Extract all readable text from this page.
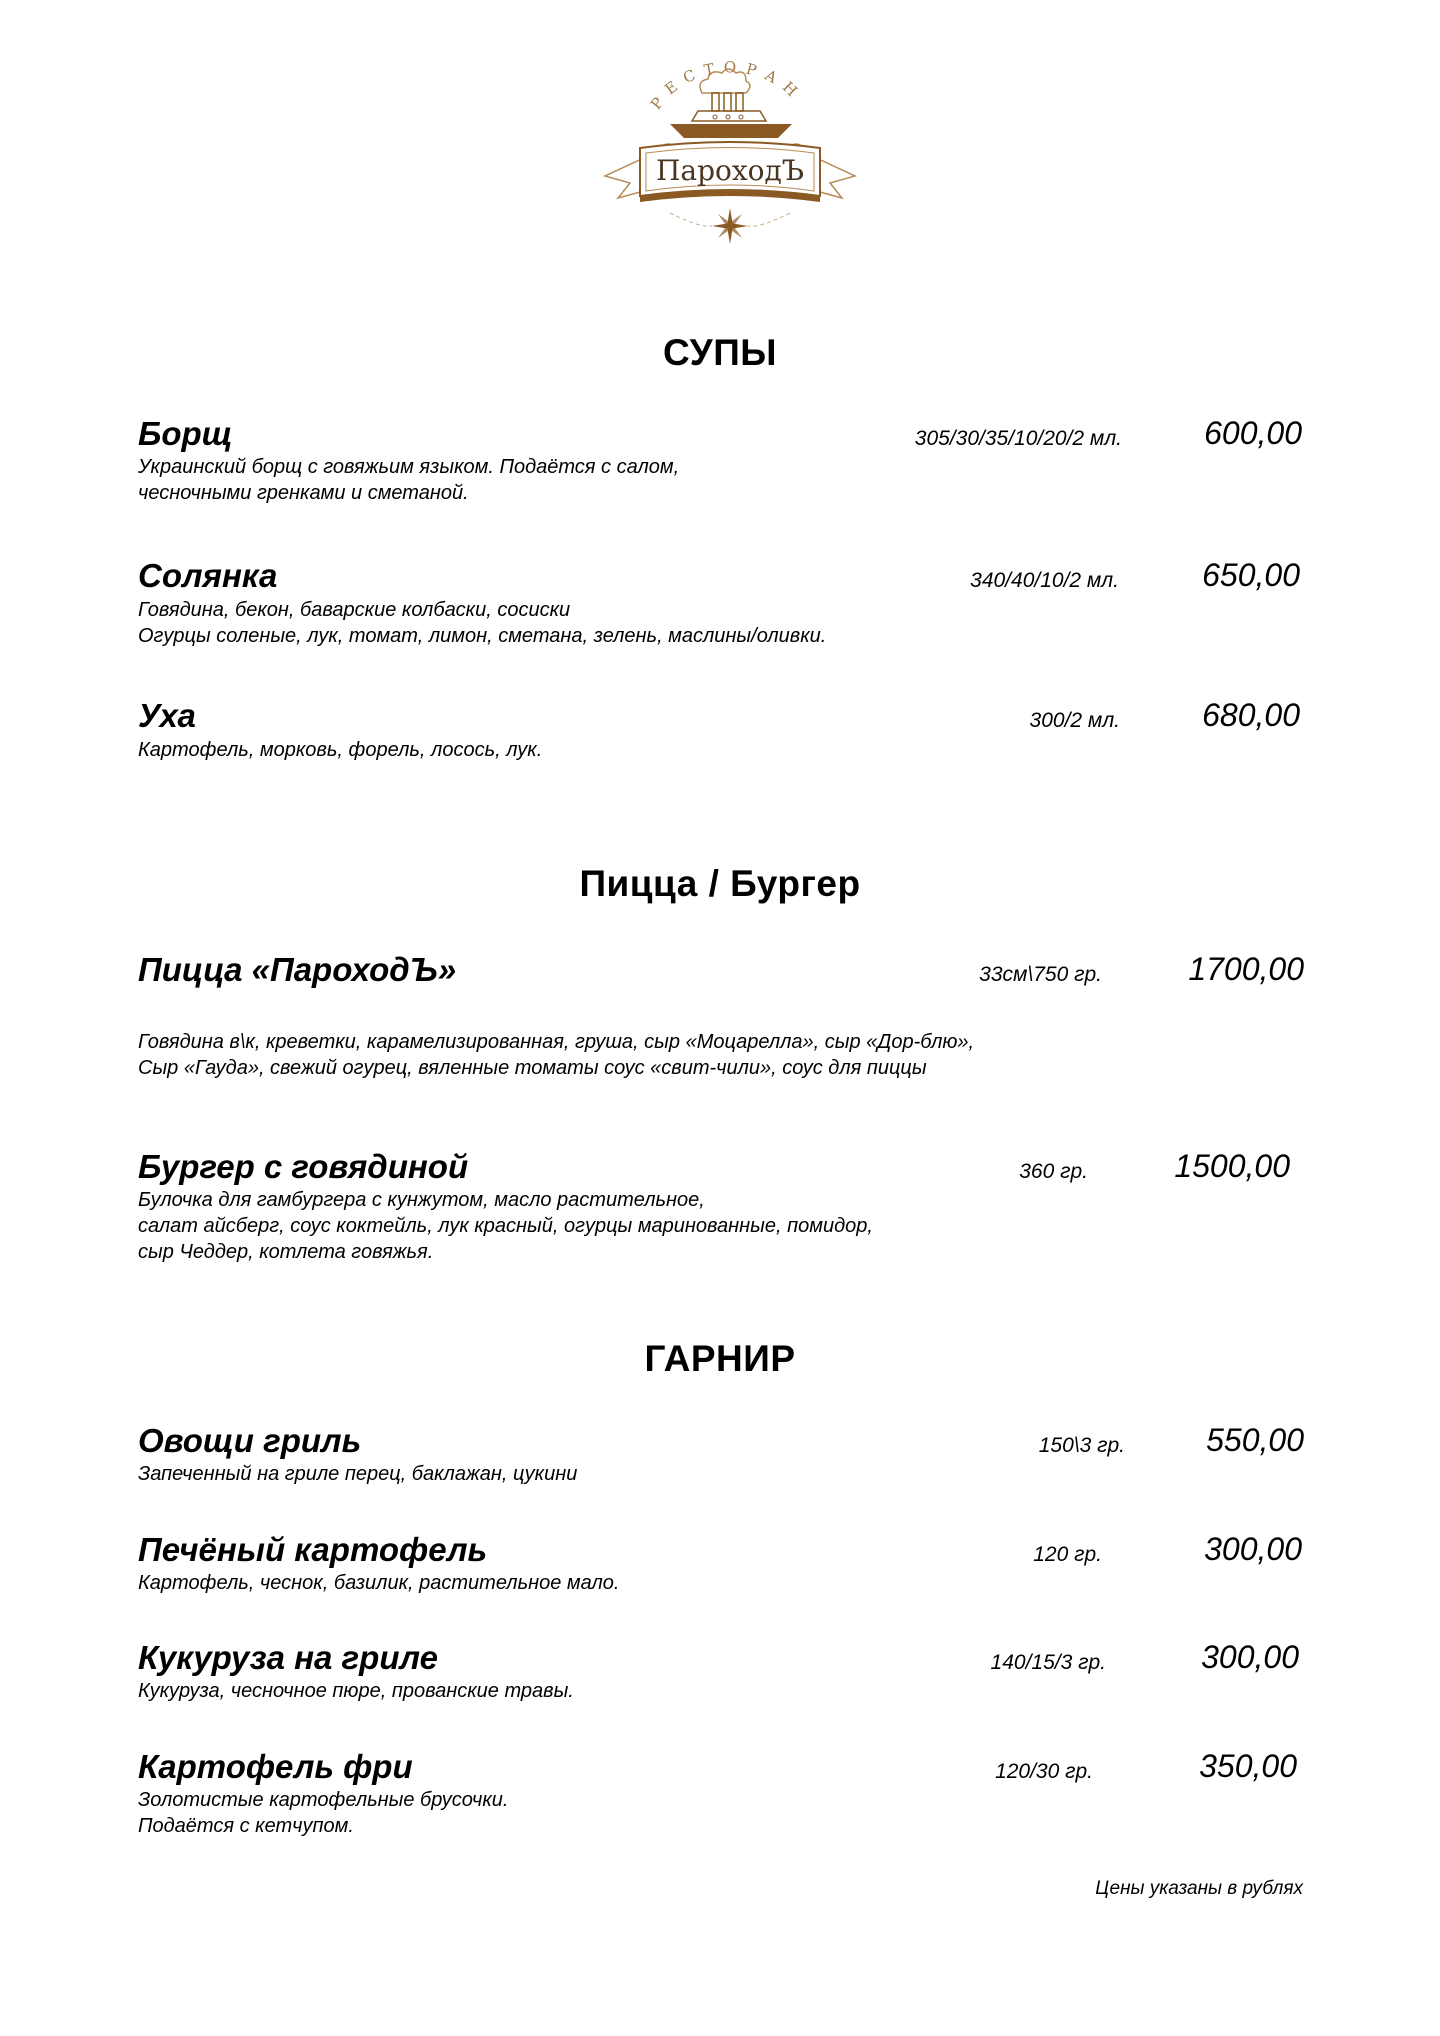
РЕСТОРАН
ПароходЪ
СУПЫ
Борщ	305/30/35/10/20/2 мл.	600,00
Украинский борщ с говяжьим языком. Подаётся с салом,
чесночными гренками и сметаной.
Солянка	340/40/10/2 мл.	650,00
Говядина, бекон, баварские колбаски, сосиски
Огурцы соленые, лук, томат, лимон, сметана, зелень, маслины/оливки.
Уха	300/2 мл.	680,00
Картофель, морковь, форель, лосось, лук.
Пицца / Бургер
Пицца «ПароходЪ»	33см\750 гр.	1700,00
Говядина в\к, креветки, карамелизированная, груша, сыр «Моцарелла», сыр «Дор-блю»,
Сыр «Гауда», свежий огурец, вяленные томаты соус «свит-чили», соус для пиццы
Бургер с говядиной	360 гр.	1500,00
Булочка для гамбургера с кунжутом, масло растительное,
салат айсберг, соус коктейль, лук красный, огурцы маринованные, помидор,
сыр Чеддер, котлета говяжья.
ГАРНИР
Овощи гриль	150\3 гр.	550,00
Запеченный на гриле перец, баклажан, цукини
Печёный картофель	120 гр.	300,00
Картофель, чеснок, базилик, растительное мало.
Кукуруза на гриле	140/15/3 гр.	300,00
Кукуруза, чесночное пюре, прованские травы.
Картофель фри	120/30 гр.	350,00
Золотистые картофельные брусочки.
Подаётся с кетчупом.
Цены указаны в рублях
